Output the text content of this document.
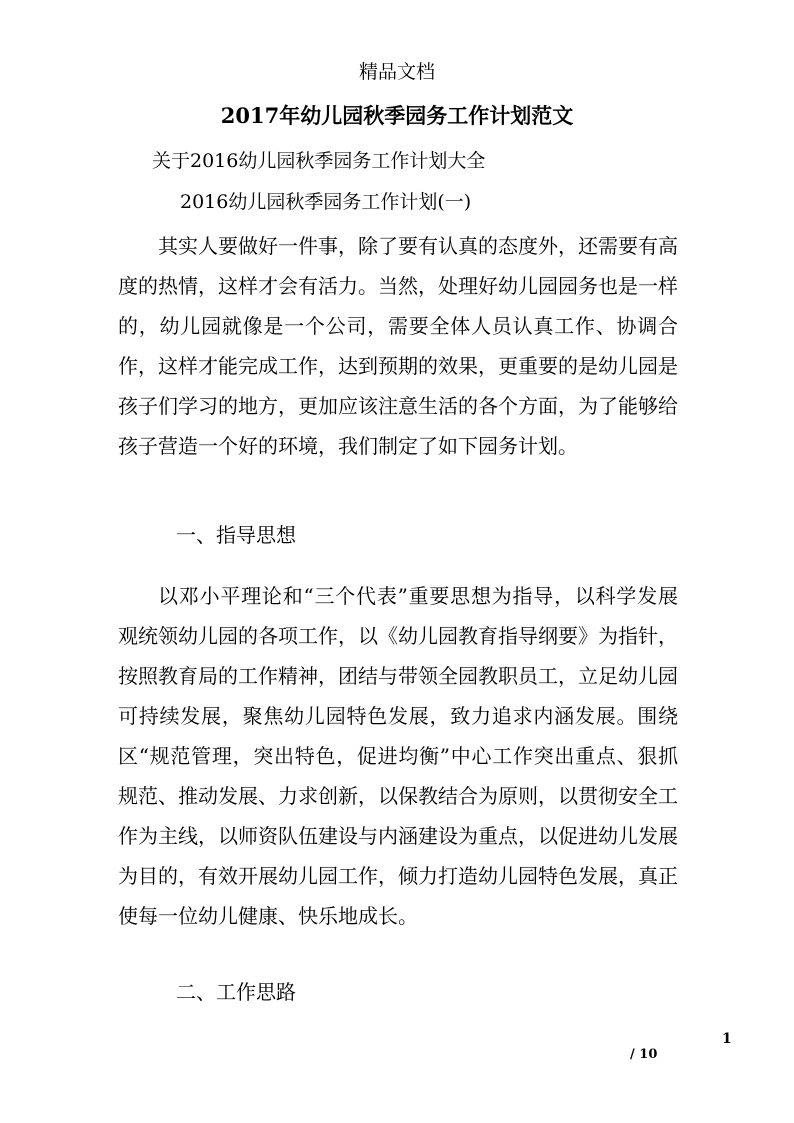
精品文档
2017年幼儿园秋季园务工作计划范文
关于2016幼儿园秋季园务工作计划大全
2016幼儿园秋季园务工作计划(一)

其实人要做好一件事，除了要有认真的态度外，还需要有高度的热情，这样才会有活力。当然，处理好幼儿园园务也是一样的，幼儿园就像是一个公司，需要全体人员认真工作、协调合作，这样才能完成工作，达到预期的效果，更重要的是幼儿园是孩子们学习的地方，更加应该注意生活的各个方面，为了能够给孩子营造一个好的环境，我们制定了如下园务计划。

一、指导思想

以邓小平理论和“三个代表”重要思想为指导，以科学发展观统领幼儿园的各项工作，以《幼儿园教育指导纲要》为指针，按照教育局的工作精神，团结与带领全园教职员工，立足幼儿园可持续发展，聚焦幼儿园特色发展，致力追求内涵发展。围绕区“规范管理，突出特色，促进均衡”中心工作突出重点、狠抓规范、推动发展、力求创新，以保教结合为原则，以贯彻安全工作为主线，以师资队伍建设与内涵建设为重点，以促进幼儿发展为目的，有效开展幼儿园工作，倾力打造幼儿园特色发展，真正使每一位幼儿健康、快乐地成长。

二、工作思路
1
/ 10
